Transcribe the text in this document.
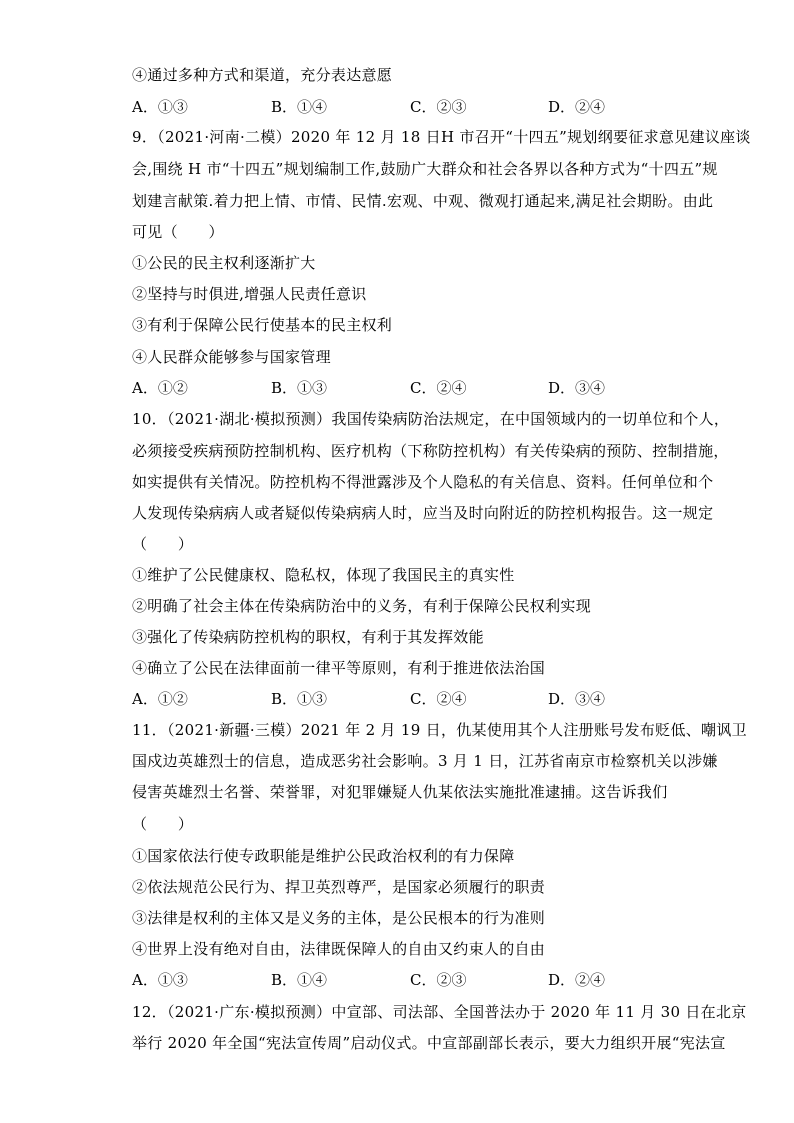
④通过多种方式和渠道，充分表达意愿
A．①③	B．①④	C．②③	D．②④
9．（2021·河南·二模）2020 年 12 月 18 日H 市召开“十四五”规划纲要征求意见建议座谈
会,围绕 H 市“十四五”规划编制工作,鼓励广大群众和社会各界以各种方式为“十四五”规
划建言献策.着力把上情、市情、民情.宏观、中观、微观打通起来,满足社会期盼。由此
可见（　　）
①公民的民主权利逐渐扩大
②坚持与时俱进,增强人民责任意识
③有利于保障公民行使基本的民主权利
④人民群众能够参与国家管理
A．①②	B．①③	C．②④	D．③④
10．（2021·湖北·模拟预测）我国传染病防治法规定，在中国领域内的一切单位和个人，
必须接受疾病预防控制机构、医疗机构（下称防控机构）有关传染病的预防、控制措施，
如实提供有关情况。防控机构不得泄露涉及个人隐私的有关信息、资料。任何单位和个
人发现传染病病人或者疑似传染病病人时，应当及时向附近的防控机构报告。这一规定
（　　）
①维护了公民健康权、隐私权，体现了我国民主的真实性
②明确了社会主体在传染病防治中的义务，有利于保障公民权利实现
③强化了传染病防控机构的职权，有利于其发挥效能
④确立了公民在法律面前一律平等原则，有利于推进依法治国
A．①②	B．①③	C．②④	D．③④
11．（2021·新疆·三模）2021 年 2 月 19 日，仇某使用其个人注册账号发布贬低、嘲讽卫
国戍边英雄烈士的信息，造成恶劣社会影响。3 月 1 日，江苏省南京市检察机关以涉嫌
侵害英雄烈士名誉、荣誉罪，对犯罪嫌疑人仇某依法实施批准逮捕。这告诉我们
（　　）
①国家依法行使专政职能是维护公民政治权利的有力保障
②依法规范公民行为、捍卫英烈尊严，是国家必须履行的职责
③法律是权利的主体又是义务的主体，是公民根本的行为准则
④世界上没有绝对自由，法律既保障人的自由又约束人的自由
A．①③	B．①④	C．②③	D．②④
12．（2021·广东·模拟预测）中宣部、司法部、全国普法办于 2020 年 11 月 30 日在北京
举行 2020 年全国“宪法宣传周”启动仪式。中宣部副部长表示，要大力组织开展“宪法宣
